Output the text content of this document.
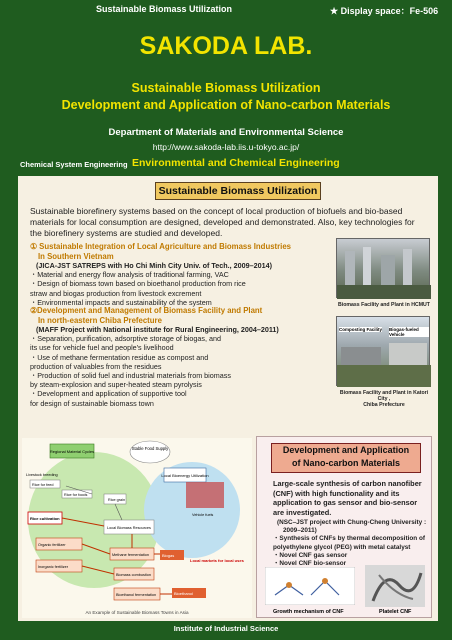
Sustainable Biomass Utilization	★ Display space：Fe-506
SAKODA LAB.
Sustainable Biomass Utilization
Development and Application of Nano-carbon Materials
Department of Materials and Environmental Science
http://www.sakoda-lab.iis.u-tokyo.ac.jp/
Chemical System Engineering Environmental and Chemical Engineering
Sustainable Biomass Utilization
Sustainable biorefinery systems based on the concept of local production of biofuels and bio-based materials for local consumption are designed, developed and demonstrated. Also, key technologies for the biorefinery systems are studied and developed.
① Sustainable Integration of Local Agriculture and Biomass Industries
In Southern Vietnam
(JICA-JST SATREPS with Ho Chi Minh City Univ. of Tech., 2009–2014)
・Material and energy flow analysis of traditional farming, VAC
・Design of biomass town based on bioethanol production from rice
straw and biogas production from livestock excrement
・Environmental impacts and sustainability of the system
②Development and Management of Biomass Facility and Plant
In north-eastern Chiba Prefecture
(MAFF Project with National institute for Rural Engineering, 2004–2011)
・Separation, purification, adsorptive storage of biogas, and
its use for vehicle fuel and people's livelihood
・Use of methane fermentation residue as compost and
production of valuables from the residues
・Production of solid fuel and industrial materials from biomass
by steam-explosion and super-heated steam pyrolysis
・Development and application of supportive tool
for design of sustainable biomass town
Biomass Facility and Plant in HCMUT
Composting Facility Biogas-fueled Vehicle
Biomass Facility and Plant in Katori City ,
Chiba Prefecture
Stable Food Supply
Regional Material Cycles
Local Bioenergy Utilization
Livestock breeding
Rice for feed
Rice for foods
Rice grain
Rice cultivation
Local Biomass Resources
Organic fertilizer
Inorganic fertilizer
Methane fermentation
Biomass combustion
Bioethanol fermentation
Biogas
Bioethanol
Local markets for local uses
Vehicle fuels
An Example of Sustainable Biomass Towns in Asia
Development and Application
of Nano-carbon Materials
Large-scale synthesis of carbon nanofiber (CNF) with high functionality and its application to gas sensor and bio-sensor are investigated.
(NSC–JST project with Chung-Cheng University :
2009–2011)
・Synthesis of CNFs by thermal decomposition of
polyethylene glycol (PEG) with metal catalyst
・Novel CNF gas sensor
・Novel CNF bio-sensor
Growth mechanism of CNF	Platelet CNF
Institute of Industrial Science
